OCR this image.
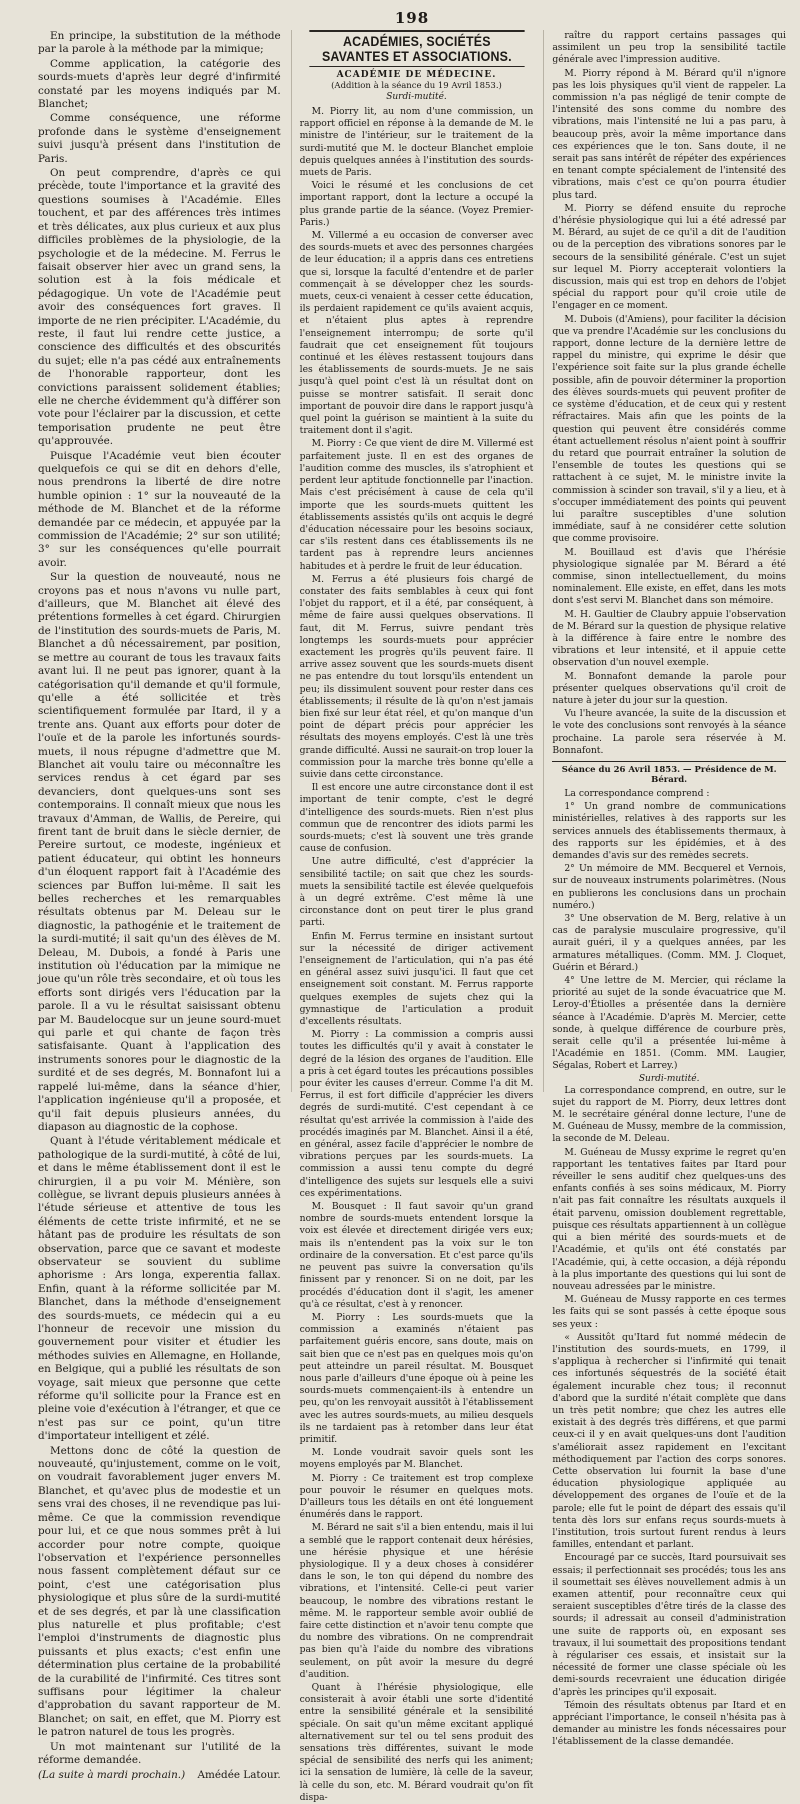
198

En principe, la substitution de la méthode par la parole à la méthode par la mimique;

Comme application, la catégorie des sourds-muets d'après leur degré d'infirmité constaté par les moyens indiqués par M. Blanchet;

Comme conséquence, une réforme profonde dans le système d'enseignement suivi jusqu'à présent dans l'institution de Paris.

On peut comprendre, d'après ce qui précède, toute l'importance et la gravité des questions soumises à l'Académie. Elles touchent, et par des afférences très intimes et très délicates, aux plus curieux et aux plus difficiles problèmes de la physiologie, de la psychologie et de la médecine. M. Ferrus le faisait observer hier avec un grand sens, la solution est à la fois médicale et pédagogique. Un vote de l'Académie peut avoir des conséquences fort graves. Il importe de ne rien précipiter. L'Académie, du reste, il faut lui rendre cette justice, a conscience des difficultés et des obscurités du sujet; elle n'a pas cédé aux entraînements de l'honorable rapporteur, dont les convictions paraissent solidement établies; elle ne cherche évidemment qu'à différer son vote pour l'éclairer par la discussion, et cette temporisation prudente ne peut être qu'approuvée.

Puisque l'Académie veut bien écouter quelquefois ce qui se dit en dehors d'elle, nous prendrons la liberté de dire notre humble opinion : 1° sur la nouveauté de la méthode de M. Blanchet et de la réforme demandée par ce médecin, et appuyée par la commission de l'Académie; 2° sur son utilité; 3° sur les conséquences qu'elle pourrait avoir.

Sur la question de nouveauté, nous ne croyons pas et nous n'avons vu nulle part, d'ailleurs, que M. Blanchet ait élevé des prétentions formelles à cet égard. Chirurgien de l'institution des sourds-muets de Paris, M. Blanchet a dû nécessairement, par position, se mettre au courant de tous les travaux faits avant lui. Il ne peut pas ignorer, quant à la catégorisation qu'il demande et qu'il formule, qu'elle a été sollicitée et très scientifiquement formulée par Itard, il y a trente ans. Quant aux efforts pour doter de l'ouïe et de la parole les infortunés sourds-muets, il nous répugne d'admettre que M. Blanchet ait voulu taire ou méconnaître les services rendus à cet égard par ses devanciers, dont quelques-uns sont ses contemporains. Il connaît mieux que nous les travaux d'Amman, de Wallis, de Pereire, qui firent tant de bruit dans le siècle dernier, de Pereire surtout, ce modeste, ingénieux et patient éducateur, qui obtint les honneurs d'un éloquent rapport fait à l'Académie des sciences par Buffon lui-même. Il sait les belles recherches et les remarquables résultats obtenus par M. Deleau sur le diagnostic, la pathogénie et le traitement de la surdi-mutité; il sait qu'un des élèves de M. Deleau, M. Dubois, a fondé à Paris une institution où l'éducation par la mimique ne joue qu'un rôle très secondaire, et où tous les efforts sont dirigés vers l'éducation par la parole. Il a vu le résultat saisissant obtenu par M. Baudelocque sur un jeune sourd-muet qui parle et qui chante de façon très satisfaisante. Quant à l'application des instruments sonores pour le diagnostic de la surdité et de ses degrés, M. Bonnafont lui a rappelé lui-même, dans la séance d'hier, l'application ingénieuse qu'il a proposée, et qu'il fait depuis plusieurs années, du diapason au diagnostic de la cophose.

Quant à l'étude véritablement médicale et pathologique de la surdi-mutité, à côté de lui, et dans le même établissement dont il est le chirurgien, il a pu voir M. Ménière, son collègue, se livrant depuis plusieurs années à l'étude sérieuse et attentive de tous les éléments de cette triste infirmité, et ne se hâtant pas de produire les résultats de son observation, parce que ce savant et modeste observateur se souvient du sublime aphorisme : Ars longa, experentia fallax. Enfin, quant à la réforme sollicitée par M. Blanchet, dans la méthode d'enseignement des sourds-muets, ce médecin qui a eu l'honneur de recevoir une mission du gouvernement pour visiter et étudier les méthodes suivies en Allemagne, en Hollande, en Belgique, qui a publié les résultats de son voyage, sait mieux que personne que cette réforme qu'il sollicite pour la France est en pleine voie d'exécution à l'étranger, et que ce n'est pas sur ce point, qu'un titre d'importateur intelligent et zélé.

Mettons donc de côté la question de nouveauté, qu'injustement, comme on le voit, on voudrait favorablement juger envers M. Blanchet, et qu'avec plus de modestie et un sens vrai des choses, il ne revendique pas lui-même. Ce que la commission revendique pour lui, et ce que nous sommes prêt à lui accorder pour notre compte, quoique l'observation et l'expérience personnelles nous fassent complètement défaut sur ce point, c'est une catégorisation plus physiologique et plus sûre de la surdi-mutité et de ses degrés, et par là une classification plus naturelle et plus profitable; c'est l'emploi d'instruments de diagnostic plus puissants et plus exacts; c'est enfin une détermination plus certaine de la probabilité de la curabilité de l'infirmité. Ces titres sont suffisans pour légitimer la chaleur d'approbation du savant rapporteur de M. Blanchet; on sait, en effet, que M. Piorry est le patron naturel de tous les progrès.

Un mot maintenant sur l'utilité de la réforme demandée.

(La suite à mardi prochain.) Amédée Latour.

ACADÉMIES, SOCIÉTÉS SAVANTES ET ASSOCIATIONS.
ACADÉMIE DE MÉDECINE.
(Addition à la séance du 19 Avril 1853.)
Surdi-mutité.

M. Piorry lit, au nom d'une commission, un rapport officiel en réponse à la demande de M. le ministre de l'intérieur, sur le traitement de la surdi-mutité que M. le docteur Blanchet emploie depuis quelques années à l'institution des sourds-muets de Paris.

Voici le résumé et les conclusions de cet important rapport, dont la lecture a occupé la plus grande partie de la séance. (Voyez Premier-Paris.)

M. Villermé a eu occasion de converser avec des sourds-muets et avec des personnes chargées de leur éducation; il a appris dans ces entretiens que si, lorsque la faculté d'entendre et de parler commençait à se développer chez les sourds-muets, ceux-ci venaient à cesser cette éducation, ils perdaient rapidement ce qu'ils avaient acquis, et n'étaient plus aptes à reprendre l'enseignement interrompu; de sorte qu'il faudrait que cet enseignement fût toujours continué et les élèves restassent toujours dans les établissements de sourds-muets. Je ne sais jusqu'à quel point c'est là un résultat dont on puisse se montrer satisfait. Il serait donc important de pouvoir dire dans le rapport jusqu'à quel point la guérison se maintient à la suite du traitement dont il s'agit.

M. Piorry : Ce que vient de dire M. Villermé est parfaitement juste. Il en est des organes de l'audition comme des muscles, ils s'atrophient et perdent leur aptitude fonctionnelle par l'inaction. Mais c'est précisément à cause de cela qu'il importe que les sourds-muets quittent les établissements assistés qu'ils ont acquis le degré d'éducation nécessaire pour les besoins sociaux, car s'ils restent dans ces établissements ils ne tardent pas à reprendre leurs anciennes habitudes et à perdre le fruit de leur éducation.

M. Ferrus a été plusieurs fois chargé de constater des faits semblables à ceux qui font l'objet du rapport, et il a été, par conséquent, à même de faire aussi quelques observations. Il faut, dit M. Ferrus, suivre pendant très longtemps les sourds-muets pour apprécier exactement les progrès qu'ils peuvent faire. Il arrive assez souvent que les sourds-muets disent ne pas entendre du tout lorsqu'ils entendent un peu; ils dissimulent souvent pour rester dans ces établissements; il résulte de là qu'on n'est jamais bien fixé sur leur état réel, et qu'on manque d'un point de départ précis pour apprécier les résultats des moyens employés. C'est là une très grande difficulté. Aussi ne saurait-on trop louer la commission pour la marche très bonne qu'elle a suivie dans cette circonstance.

Il est encore une autre circonstance dont il est important de tenir compte, c'est le degré d'intelligence des sourds-muets. Rien n'est plus commun que de rencontrer des idiots parmi les sourds-muets; c'est là souvent une très grande cause de confusion.

Une autre difficulté, c'est d'apprécier la sensibilité tactile; on sait que chez les sourds-muets la sensibilité tactile est élevée quelquefois à un degré extrême. C'est même là une circonstance dont on peut tirer le plus grand parti.

Enfin M. Ferrus termine en insistant surtout sur la nécessité de diriger activement l'enseignement de l'articulation, qui n'a pas été en général assez suivi jusqu'ici. Il faut que cet enseignement soit constant. M. Ferrus rapporte quelques exemples de sujets chez qui la gymnastique de l'articulation a produit d'excellents résultats.

M. Piorry : La commission a compris aussi toutes les difficultés qu'il y avait à constater le degré de la lésion des organes de l'audition. Elle a pris à cet égard toutes les précautions possibles pour éviter les causes d'erreur. Comme l'a dit M. Ferrus, il est fort difficile d'apprécier les divers degrés de surdi-mutité. C'est cependant à ce résultat qu'est arrivée la commission à l'aide des procédés imaginés par M. Blanchet. Ainsi il a été, en général, assez facile d'apprécier le nombre de vibrations perçues par les sourds-muets. La commission a aussi tenu compte du degré d'intelligence des sujets sur lesquels elle a suivi ces expérimentations.

M. Bousquet : Il faut savoir qu'un grand nombre de sourds-muets entendent lorsque la voix est élevée et directement dirigée vers eux; mais ils n'entendent pas la voix sur le ton ordinaire de la conversation. Et c'est parce qu'ils ne peuvent pas suivre la conversation qu'ils finissent par y renoncer. Si on ne doit, par les procédés d'éducation dont il s'agit, les amener qu'à ce résultat, c'est à y renoncer.

M. Piorry : Les sourds-muets que la commission a examinés n'étaient pas parfaitement guéris encore, sans doute, mais on sait bien que ce n'est pas en quelques mois qu'on peut atteindre un pareil résultat. M. Bousquet nous parle d'ailleurs d'une époque où à peine les sourds-muets commençaient-ils à entendre un peu, qu'on les renvoyait aussitôt à l'établissement avec les autres sourds-muets, au milieu desquels ils ne tardaient pas à retomber dans leur état primitif.

M. Londe voudrait savoir quels sont les moyens employés par M. Blanchet.

M. Piorry : Ce traitement est trop complexe pour pouvoir le résumer en quelques mots. D'ailleurs tous les détails en ont été longuement énumérés dans le rapport.

M. Bérard ne sait s'il a bien entendu, mais il lui a semblé que le rapport contenait deux hérésies, une hérésie physique et une hérésie physiologique. Il y a deux choses à considérer dans le son, le ton qui dépend du nombre des vibrations, et l'intensité. Celle-ci peut varier beaucoup, le nombre des vibrations restant le même. M. le rapporteur semble avoir oublié de faire cette distinction et n'avoir tenu compte que du nombre des vibrations. On ne comprendrait pas bien qu'à l'aide du nombre des vibrations seulement, on pût avoir la mesure du degré d'audition.

Quant à l'hérésie physiologique, elle consisterait à avoir établi une sorte d'identité entre la sensibilité générale et la sensibilité spéciale. On sait qu'un même excitant appliqué alternativement sur tel ou tel sens produit des sensations très différentes, suivant le mode spécial de sensibilité des nerfs qui les animent; ici la sensation de lumière, là celle de la saveur, là celle du son, etc. M. Bérard voudrait qu'on fît dispa-

raître du rapport certains passages qui assimilent un peu trop la sensibilité tactile générale avec l'impression auditive.

M. Piorry répond à M. Bérard qu'il n'ignore pas les lois physiques qu'il vient de rappeler. La commission n'a pas négligé de tenir compte de l'intensité des sons comme du nombre des vibrations, mais l'intensité ne lui a pas paru, à beaucoup près, avoir la même importance dans ces expériences que le ton. Sans doute, il ne serait pas sans intérêt de répéter des expériences en tenant compte spécialement de l'intensité des vibrations, mais c'est ce qu'on pourra étudier plus tard.

M. Piorry se défend ensuite du reproche d'hérésie physiologique qui lui a été adressé par M. Bérard, au sujet de ce qu'il a dit de l'audition ou de la perception des vibrations sonores par le secours de la sensibilité générale. C'est un sujet sur lequel M. Piorry accepterait volontiers la discussion, mais qui est trop en dehors de l'objet spécial du rapport pour qu'il croie utile de l'engager en ce moment.

M. Dubois (d'Amiens), pour faciliter la décision que va prendre l'Académie sur les conclusions du rapport, donne lecture de la dernière lettre de rappel du ministre, qui exprime le désir que l'expérience soit faite sur la plus grande échelle possible, afin de pouvoir déterminer la proportion des élèves sourds-muets qui peuvent profiter de ce système d'éducation, et de ceux qui y restent réfractaires. Mais afin que les points de la question qui peuvent être considérés comme étant actuellement résolus n'aient point à souffrir du retard que pourrait entraîner la solution de l'ensemble de toutes les questions qui se rattachent à ce sujet, M. le ministre invite la commission à scinder son travail, s'il y a lieu, et à s'occuper immédiatement des points qui peuvent lui paraître susceptibles d'une solution immédiate, sauf à ne considérer cette solution que comme provisoire.

M. Bouillaud est d'avis que l'hérésie physiologique signalée par M. Bérard a été commise, sinon intellectuellement, du moins nominalement. Elle existe, en effet, dans les mots dont s'est servi M. Blanchet dans son mémoire.

M. H. Gaultier de Claubry appuie l'observation de M. Bérard sur la question de physique relative à la différence à faire entre le nombre des vibrations et leur intensité, et il appuie cette observation d'un nouvel exemple.

M. Bonnafont demande la parole pour présenter quelques observations qu'il croit de nature à jeter du jour sur la question.

Vu l'heure avancée, la suite de la discussion et le vote des conclusions sont renvoyés à la séance prochaine. La parole sera réservée à M. Bonnafont.

Séance du 26 Avril 1853. — Présidence de M. Bérard.

La correspondance comprend :

1° Un grand nombre de communications ministérielles, relatives à des rapports sur les services annuels des établissements thermaux, à des rapports sur les épidémies, et à des demandes d'avis sur des remèdes secrets.

2° Un mémoire de MM. Becquerel et Vernois, sur de nouveaux instruments polarimètres. (Nous en publierons les conclusions dans un prochain numéro.)

3° Une observation de M. Berg, relative à un cas de paralysie musculaire progressive, qu'il aurait guéri, il y a quelques années, par les armatures métalliques. (Comm. MM. J. Cloquet, Guérin et Bérard.)

4° Une lettre de M. Mercier, qui réclame la priorité au sujet de la sonde évacuatrice que M. Leroy-d'Étiolles a présentée dans la dernière séance à l'Académie. D'après M. Mercier, cette sonde, à quelque différence de courbure près, serait celle qu'il a présentée lui-même à l'Académie en 1851. (Comm. MM. Laugier, Ségalas, Robert et Larrey.)

Surdi-mutité.

La correspondance comprend, en outre, sur le sujet du rapport de M. Piorry, deux lettres dont M. le secrétaire général donne lecture, l'une de M. Guéneau de Mussy, membre de la commission, la seconde de M. Deleau.

M. Guéneau de Mussy exprime le regret qu'en rapportant les tentatives faites par Itard pour réveiller le sens auditif chez quelques-uns des enfants confiés à ses soins médicaux, M. Piorry n'ait pas fait connaître les résultats auxquels il était parvenu, omission doublement regrettable, puisque ces résultats appartiennent à un collègue qui a bien mérité des sourds-muets et de l'Académie, et qu'ils ont été constatés par l'Académie, qui, à cette occasion, a déjà répondu à la plus importante des questions qui lui sont de nouveau adressées par le ministre.

M. Guéneau de Mussy rapporte en ces termes les faits qui se sont passés à cette époque sous ses yeux :

« Aussitôt qu'Itard fut nommé médecin de l'institution des sourds-muets, en 1799, il s'appliqua à rechercher si l'infirmité qui tenait ces infortunés séquestrés de la société était également incurable chez tous; il reconnut d'abord que la surdité n'était complète que dans un très petit nombre; que chez les autres elle existait à des degrés très différens, et que parmi ceux-ci il y en avait quelques-uns dont l'audition s'améliorait assez rapidement en l'excitant méthodiquement par l'action des corps sonores. Cette observation lui fournit la base d'une éducation physiologique appliquée au développement des organes de l'ouïe et de la parole; elle fut le point de départ des essais qu'il tenta dès lors sur enfans reçus sourds-muets à l'institution, trois surtout furent rendus à leurs familles, entendant et parlant.

Encouragé par ce succès, Itard poursuivait ses essais; il perfectionnait ses procédés; tous les ans il soumettait ses élèves nouvellement admis à un examen attentif, pour reconnaître ceux qui seraient susceptibles d'être tirés de la classe des sourds; il adressait au conseil d'administration une suite de rapports où, en exposant ses travaux, il lui soumettait des propositions tendant à régulariser ces essais, et insistait sur la nécessité de former une classe spéciale où les demi-sourds recevraient une éducation dirigée d'après les principes qu'il exposait.

Témoin des résultats obtenus par Itard et en appréciant l'importance, le conseil n'hésita pas à demander au ministre les fonds nécessaires pour l'établissement de la classe demandée.
